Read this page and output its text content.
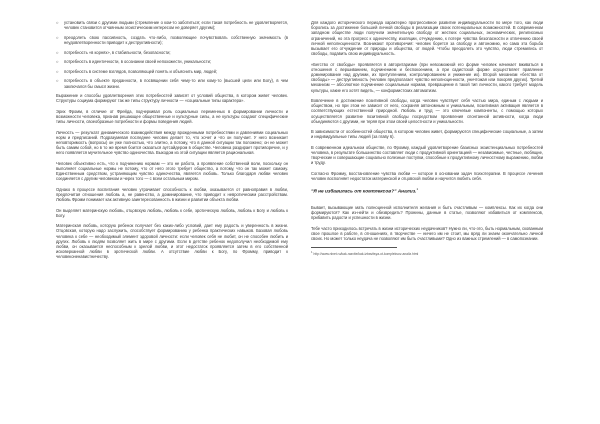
○ установить связи с другими людьми (стремление о ком-то заботиться; если такая потребность не удовлетворяется, человек становится отчаянным эгоистическим интересом не доверяет другим);
○ преодолеть свою пассивность, создать что-либо, позволяющее почувствовать собственную значимость (в неудовлетворенности приводит к деструктивности);
○ потребность «в корнях», в стабильности, безопасности;
○ потребность в идентичности, в осознании своей непохожести, уникальности;
○ потребность в системе взглядов, позволяющей понять и объяснить мир, людей;
○ потребность в объекте преданности, в посвящении себя чему-то или кому-то (высшей цели или Богу), в чем заключался бы смысл жизни.

Выражение и способы удовлетворения этих потребностей зависят от условий общества, в котором живет человек. Структуры социума формируют так же типы структуру личности — «социальные типы характера».

Эрих Фромм, в отличие от Фрейда, подчеркивал роль социальных переменных в формировании личности и возможности человека, признав решающее общественные и культурные силы, а не культуры создают специфические типы личности, своеобразные потребности и формы поведения людей.

Личность — результат динамического взаимодействия между врожденными потребностями и давлениями социальных норм и предписаний. Подразумевая последнее человек делает то, что хочет и что он получает. У него возникает неповторимость (вопросы) он уже полностью, что элитно, а потому, что в данной ситуации так положено; он не может быть самим собой, но в то же время боится оказаться аутсайдером в обществе. Человека раздирает противоречие, и у него появляется мучительное чувство одиночества. Выходом из этой ситуации является рациональная.

Человек объективно есть, что к подчинению нормам — это не работа, а проявление собственной воли, поскольку он выполняет социальные нормы не потому, что от него этого требует общество, а потому, что он так может самому. Единственным средством, устраняющим чувство одиночества, является любовь. Только благодаря любви человек соединяется с другим человеком и через того — с всем остальным миром.

Однако в процессе воспитания человек утрачивает способность к любви, оказывается от равноправия в любви, предпочитая отношения любовь а, не равенство, а доминирование, что приводит к невротическим расстройствам. Любовь Фромм понимает как активную заинтересованность в жизни и развитии объекта любви.

Он выделяет материнскую любовь, отцовскую любовь, любовь к себе, эротическую любовь, любовь к Богу и любовь к Богу.

Материнская любовь, которую ребенок получает без каких-либо условий, дает ему радость и уверенность в жизни. Отцовская, которую надо заслужить, способствует формированию у ребенка практических навыков. Базовая любовь человека к себе — необходимый элемент здоровой личности: если человек себя не любит, он не способен любить и других. Любовь к людям позволяет жить в мире с другими. Если в детстве ребенок недополучил необходимой ему любви, он оказывается неспособным к зрелой любви, и этот недостаток проявляется затем в его собственной исковерканной любви в эротической любви. А отсутствие любви к Богу, по Фромму, приводит к человеконенавистничеству.

Для каждого исторического периода характерно прогрессивное развитие индивидуальности по мере того, как люди боролись за достижение большей личной свободы в реализации своих потенциальных возможностей. В современном западном обществе люди получили значительную свободу от жестких социальных, экономических, религиозных ограничений, но эта прогресс к одиночеству, изоляции, отчуждению, к потере чувства безопасности и отличению своей личной неполноценности. Возникают противоречия: человек борется за свободу и автономию, но сама эта борьба вызывает его отчуждение от природы и общества, от людей. Чтобы преодолеть это чувство, люди стремились от свободы, подавить свою индивидуальность.

«Бегство от свободы» проявляется в авторитаризме (при невозможной его форме человек начинает вживаться в отношения с вершиванием, подчинением и беспокоением, а при садистской форме осуществляет правление доминирование над другими, их притуплением, контролированием и унижение их). Второй механизм «бегства от свободы» — деструктивность (человек предполагает чувство неполноценности, уничтожая или покоряя других). Третий механизм — абсолютное подчинение социальным нормам, превращение в такой тип личности, какого требует модель культуры, какие его хотят видеть, — конформистских автоматизм.

Вовлечение в достижение позитивной свободы, когда человек чувствует себя частью мира, единым с людьми и обществом, но при этом не зависит от него, сохраняя автономным и уникальным, позитивная активация является в соответствующих естественной природной. Любовь и труд — это ключевые компоненты, с помощью которых осуществляется развитие позитивной свободы посредством проявления спонтанной активности, когда люди объединяются с другими, не теряя при этом своей целостности и уникальности.

В зависимости от особенностей общества, в котором человек живет, формируются специфические социальные, а затем и индивидуальные типы людей (за главу 6).

В современном идеальном обществе, по Фромму, каждый удовлетворение базисных экзистенциальных потребностей человека, в результате большинство составляет люди с продуктивной ориентацией — независимые, честные, любящие, творческие и совершающие социально полезные поступки, способные к продуктивному личностному выражению, любви и труду.

Согласно Фромму, восстановление чувства любви — которое в основании задач психотерапии. В процессе лечения человек восполняет недостаток материнской и отцовской любви и научится любить себя.

"Я не избавилась от комплексов?" Анализ.$^1$

Бывает, вызывающие мать полноценной исполнителя желания и быть счастливым — комплексы. Как их когда они формируются? Как из-нейти и обезвредить? Пронины, данные в статье, позволяют избавиться от комплексов, прибавить радости и успешности в жизни.

Тебе часто приходилось встречать в жизни исторических неудачников? Нужно ли, что-это, быть нормальным, скованным свое прошлое в работе, в отношениях, в творчестве — ничего им не стоит, мы вряд ли знаем окончательно личной своих. Но может только неудача не позволяют им быть счастливыми? Одно из важных стремлений — в самопознании.

$^1$ http://www.nlnet.ru/kak-razvite/kak-izbavitsya-ot-kompleksov-analiz.html
